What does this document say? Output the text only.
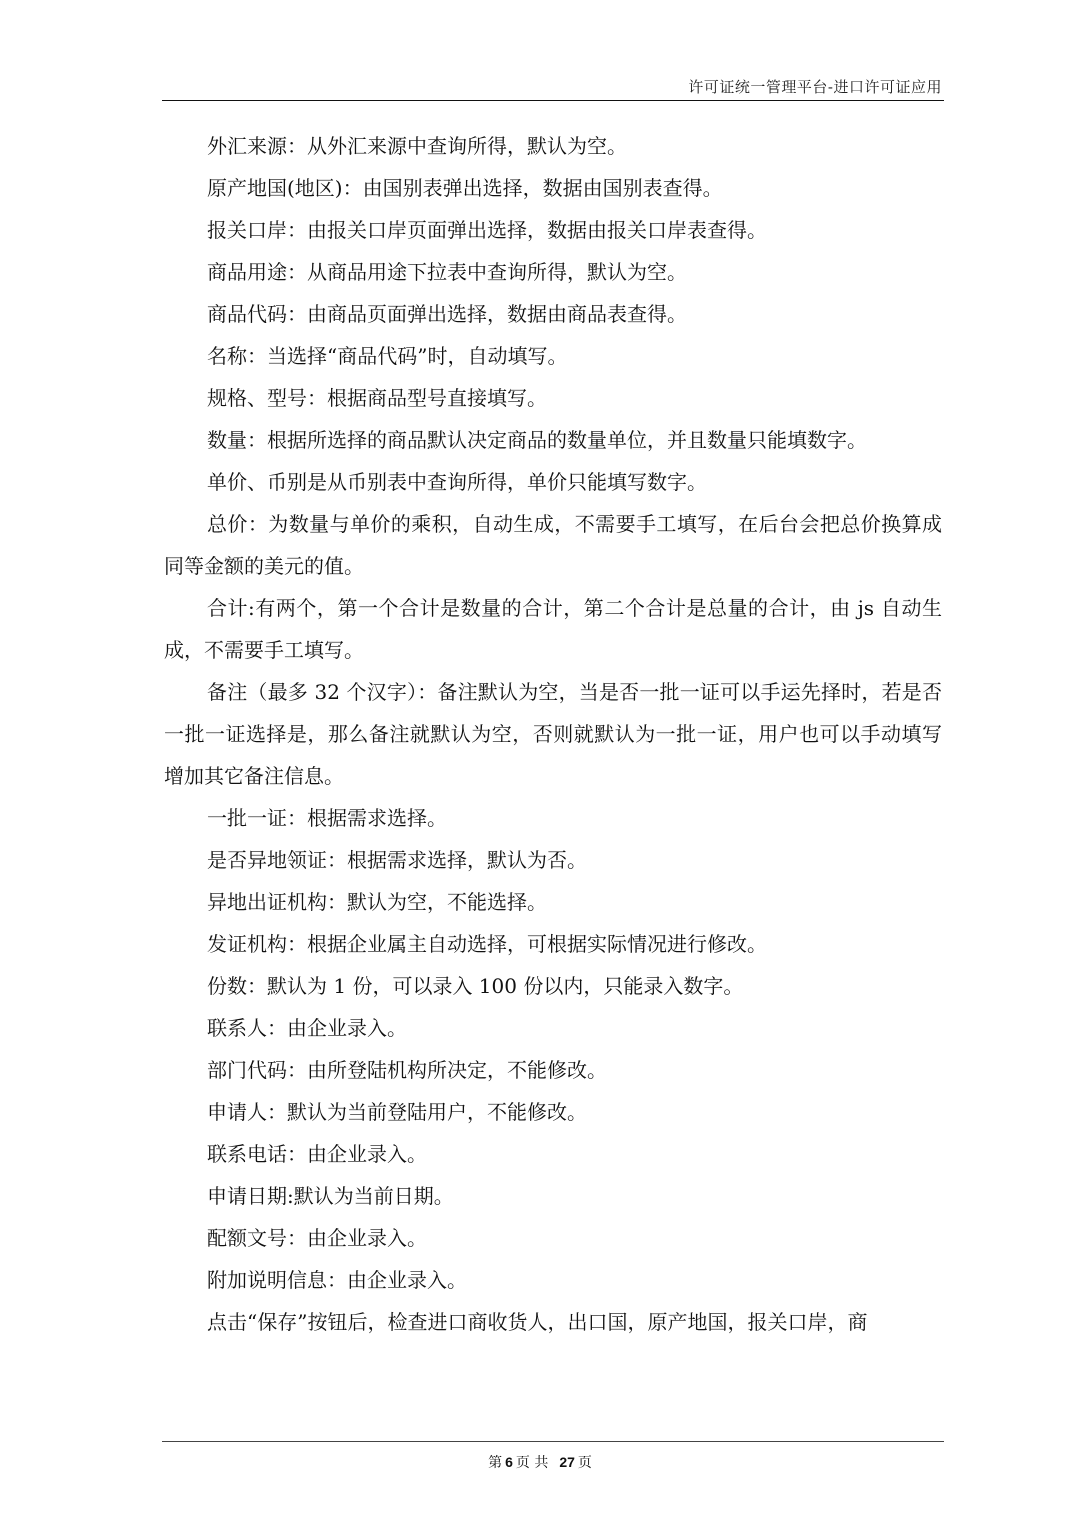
许可证统一管理平台-进口许可证应用

外汇来源：从外汇来源中查询所得，默认为空。

原产地国(地区)：由国别表弹出选择，数据由国别表查得。

报关口岸：由报关口岸页面弹出选择，数据由报关口岸表查得。

商品用途：从商品用途下拉表中查询所得，默认为空。

商品代码：由商品页面弹出选择，数据由商品表查得。

名称：当选择“商品代码”时，自动填写。

规格、型号：根据商品型号直接填写。

数量：根据所选择的商品默认决定商品的数量单位，并且数量只能填数字。

单价、币别是从币别表中查询所得，单价只能填写数字。

总价：为数量与单价的乘积，自动生成，不需要手工填写，在后台会把总价换算成同等金额的美元的值。

合计:有两个，第一个合计是数量的合计，第二个合计是总量的合计，由 js 自动生成，不需要手工填写。

备注（最多 32 个汉字）：备注默认为空，当是否一批一证可以手运先择时，若是否一批一证选择是，那么备注就默认为空，否则就默认为一批一证，用户也可以手动填写增加其它备注信息。

一批一证：根据需求选择。

是否异地领证：根据需求选择，默认为否。

异地出证机构：默认为空，不能选择。

发证机构：根据企业属主自动选择，可根据实际情况进行修改。

份数：默认为 1 份，可以录入 100 份以内，只能录入数字。

联系人：由企业录入。

部门代码：由所登陆机构所决定，不能修改。

申请人：默认为当前登陆用户，不能修改。

联系电话：由企业录入。

申请日期:默认为当前日期。

配额文号：由企业录入。

附加说明信息：由企业录入。

点击“保存”按钮后，检查进口商收货人，出口国，原产地国，报关口岸，商

第 6 页 共 27 页
